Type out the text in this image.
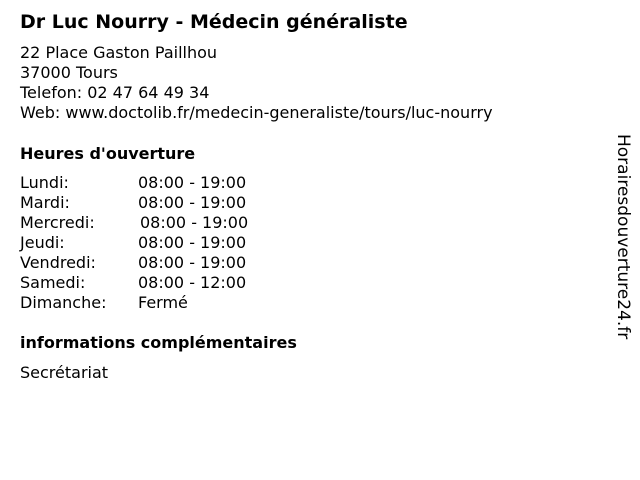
Dr Luc Nourry - Médecin généraliste
22 Place Gaston Paillhou
37000 Tours
Telefon: 02 47 64 49 34
Web: www.doctolib.fr/medecin-generaliste/tours/luc-nourry
Heures d'ouverture
Lundi:	08:00 - 19:00
Mardi:	08:00 - 19:00
Mercredi:	08:00 - 19:00
Jeudi:	08:00 - 19:00
Vendredi:	08:00 - 19:00
Samedi:	08:00 - 12:00
Dimanche: Fermé
informations complémentaires
Secrétariat
Horairesdouverture24.fr
